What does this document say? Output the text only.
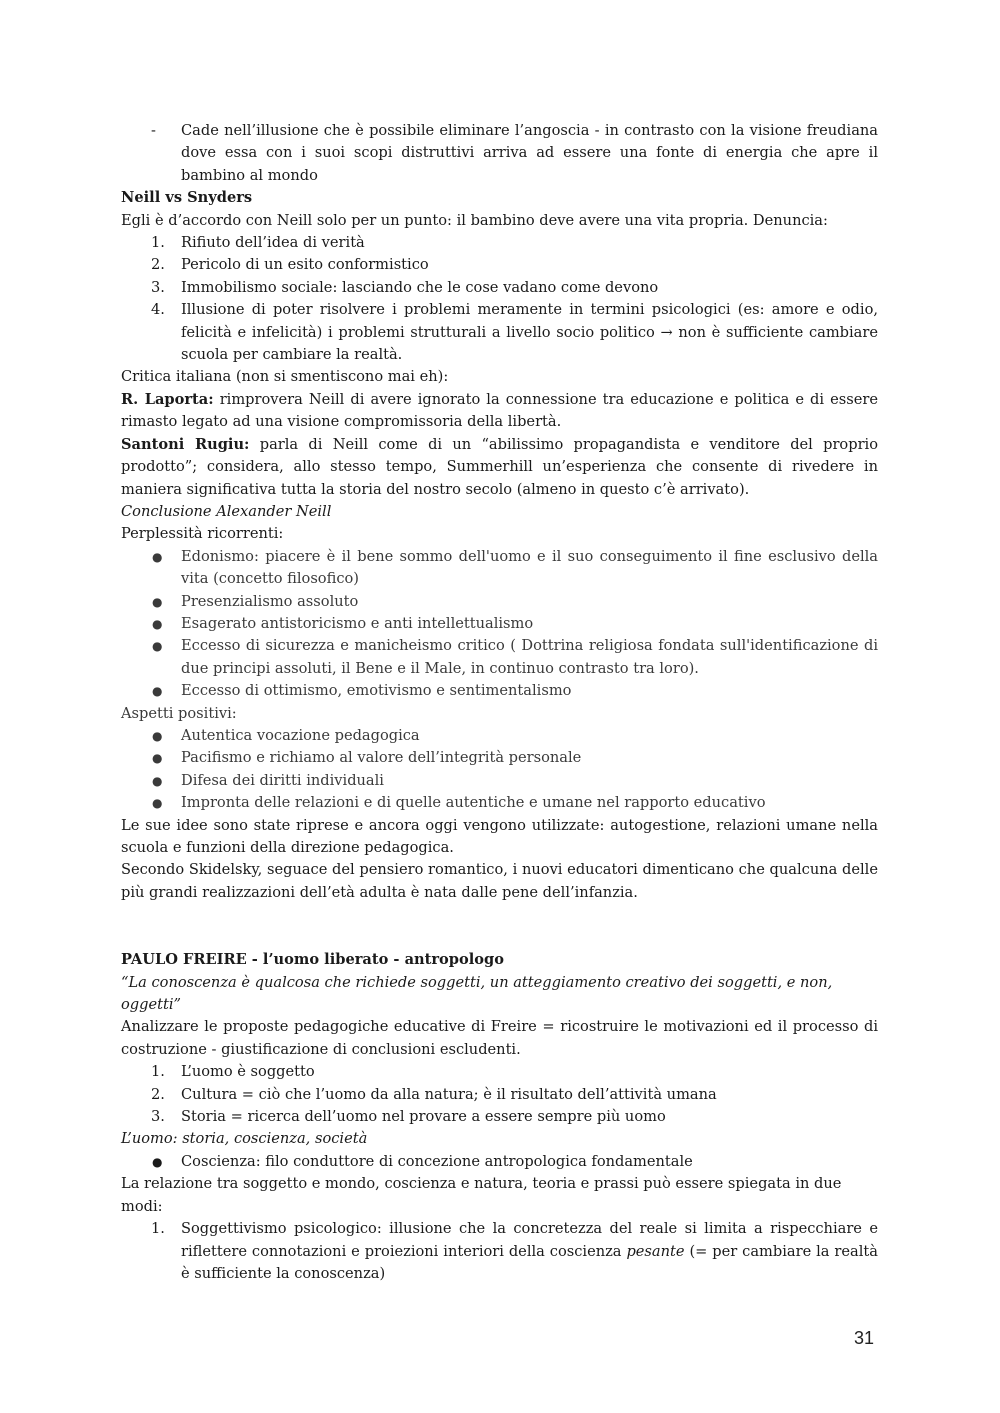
-	Cade nell’illusione che è possibile eliminare l’angoscia - in contrasto con la visione freudiana dove essa con i suoi scopi distruttivi arriva ad essere una fonte di energia che apre il bambino al mondo

Neill vs Snyders

Egli è d’accordo con Neill solo per un punto: il bambino deve avere una vita propria. Denuncia:

1.	Rifiuto dell’idea di verità
2.	Pericolo di un esito conformistico
3.	Immobilismo sociale: lasciando che le cose vadano come devono
4.	Illusione di poter risolvere i problemi meramente in termini psicologici (es: amore e odio, felicità e infelicità) i problemi strutturali a livello socio politico → non è sufficiente cambiare scuola per cambiare la realtà.

Critica italiana (non si smentiscono mai eh):

R. Laporta: rimprovera Neill di avere ignorato la connessione tra educazione e politica e di essere rimasto legato ad una visione compromissoria della libertà.

Santoni Rugiu: parla di Neill come di un “abilissimo propagandista e venditore del proprio prodotto”; considera, allo stesso tempo, Summerhill un’esperienza che consente di rivedere in maniera significativa tutta la storia del nostro secolo (almeno in questo c’è arrivato).

Conclusione Alexander Neill

Perplessità ricorrenti:

●	Edonismo: piacere è il bene sommo dell'uomo e il suo conseguimento il fine esclusivo della vita (concetto filosofico)
●	Presenzialismo assoluto
●	Esagerato antistoricismo e anti intellettualismo
●	Eccesso di sicurezza e manicheismo critico ( Dottrina religiosa fondata sull'identificazione di due principi assoluti, il Bene e il Male, in continuo contrasto tra loro).
●	Eccesso di ottimismo, emotivismo e sentimentalismo

Aspetti positivi:

●	Autentica vocazione pedagogica
●	Pacifismo e richiamo al valore dell’integrità personale
●	Difesa dei diritti individuali
●	Impronta delle relazioni e di quelle autentiche e umane nel rapporto educativo

Le sue idee sono state riprese e ancora oggi vengono utilizzate: autogestione, relazioni umane nella scuola e funzioni della direzione pedagogica.

Secondo Skidelsky, seguace del pensiero romantico, i nuovi educatori dimenticano che qualcuna delle più grandi realizzazioni dell’età adulta è nata dalle pene dell’infanzia.

PAULO FREIRE - l’uomo liberato - antropologo

“La conoscenza è qualcosa che richiede soggetti, un atteggiamento creativo dei soggetti, e non, oggetti”

Analizzare le proposte pedagogiche educative di Freire = ricostruire le motivazioni ed il processo di costruzione - giustificazione di conclusioni escludenti.

1.	L’uomo è soggetto
2.	Cultura = ciò che l’uomo da alla natura; è il risultato dell’attività umana
3.	Storia = ricerca dell’uomo nel provare a essere sempre più uomo

L’uomo: storia, coscienza, società

●	Coscienza: filo conduttore di concezione antropologica fondamentale

La relazione tra soggetto e mondo, coscienza e natura, teoria e prassi può essere spiegata in due modi:

1.	Soggettivismo psicologico: illusione che la concretezza del reale si limita a rispecchiare e riflettere connotazioni e proiezioni interiori della coscienza pesante (= per cambiare la realtà è sufficiente la conoscenza)
31
